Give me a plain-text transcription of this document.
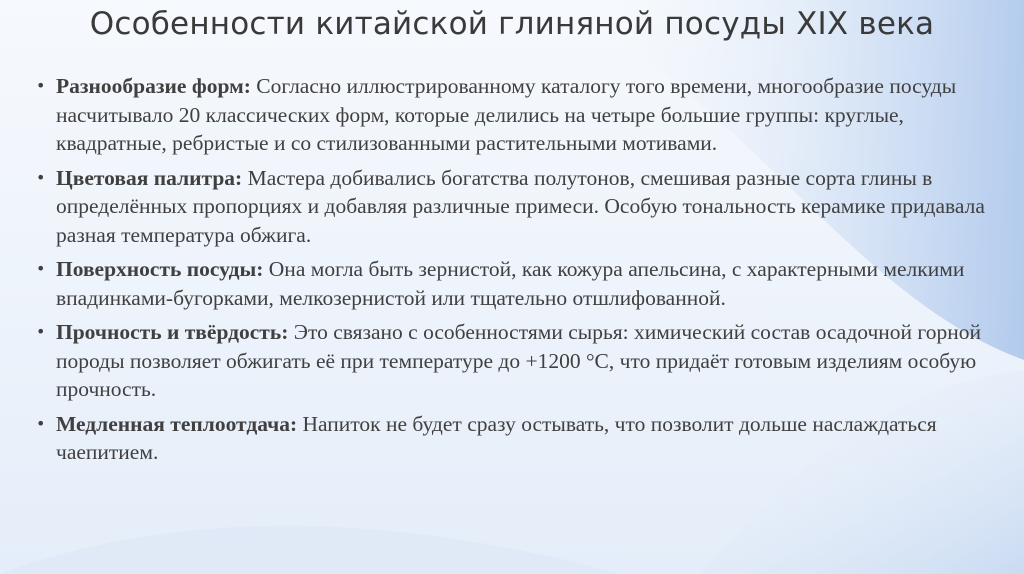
Особенности китайской глиняной посуды XIX века
• Разнообразие форм: Согласно иллюстрированному каталогу того времени, многообразие посуды насчитывало 20 классических форм, которые делились на четыре большие группы: круглые, квадратные, ребристые и со стилизованными растительными мотивами.
• Цветовая палитра: Мастера добивались богатства полутонов, смешивая разные сорта глины в определённых пропорциях и добавляя различные примеси. Особую тональность керамике придавала разная температура обжига.
• Поверхность посуды: Она могла быть зернистой, как кожура апельсина, с характерными мелкими впадинками-бугорками, мелкозернистой или тщательно отшлифованной.
• Прочность и твёрдость: Это связано с особенностями сырья: химический состав осадочной горной породы позволяет обжигать её при температуре до +1200 °С, что придаёт готовым изделиям особую прочность.
• Медленная теплоотдача: Напиток не будет сразу остывать, что позволит дольше наслаждаться чаепитием.
